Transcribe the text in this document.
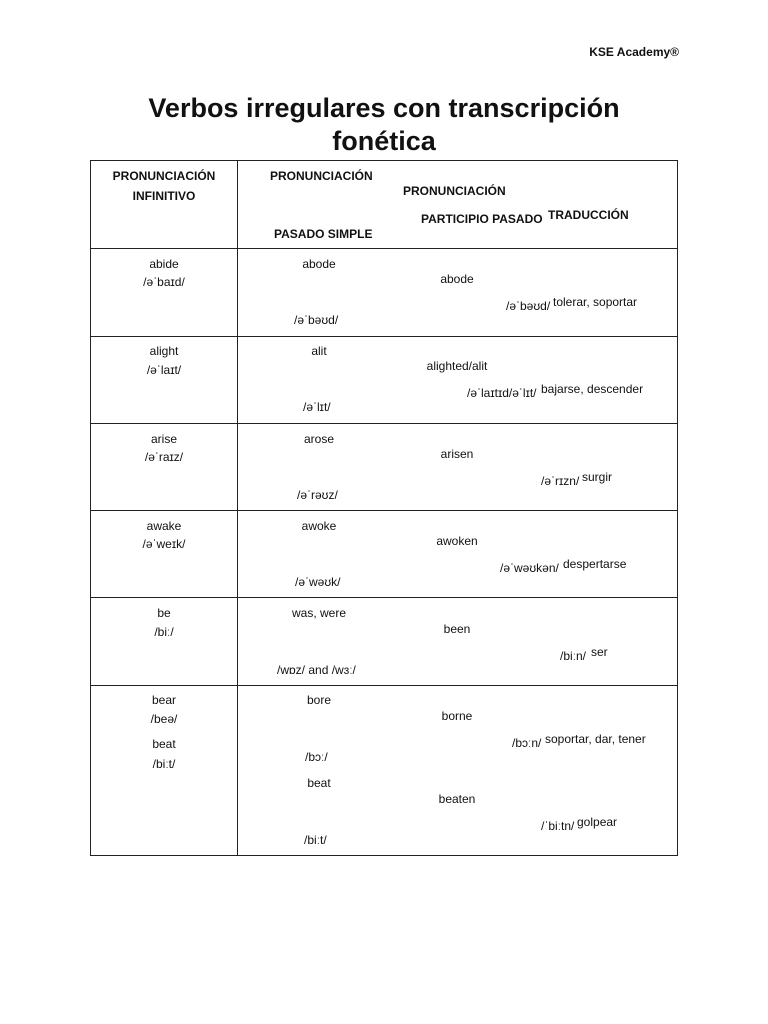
KSE Academy®
Verbos irregulares con transcripción
fonética
PRONUNCIACIÓN
INFINITIVO
PRONUNCIACIÓN
PASADO SIMPLE
PRONUNCIACIÓN
PARTICIPIO PASADO TRADUCCIÓN
abide
/əˈbaɪd/
abode
/əˈbəʊd/
abode
/əˈbəʊd/ tolerar, soportar
alight
/əˈlaɪt/
alit
/əˈlɪt/
alighted/alit
/əˈlaɪtɪd/əˈlɪt/ bajarse, descender
arise
/əˈraɪz/
arose
/əˈrəʊz/
arisen
/əˈrɪzn/ surgir
awake
/əˈweɪk/
awoke
/əˈwəʊk/
awoken
/əˈwəʊkən/ despertarse
be
/biː/
was, were
/wɒz/ and /wɜː/
been
/biːn/ ser
bear
/beə/
bore
/bɔː/
borne
/bɔːn/ soportar, dar, tener
beat
/biːt/
beat
/biːt/
beaten
/ˈbiːtn/ golpear
